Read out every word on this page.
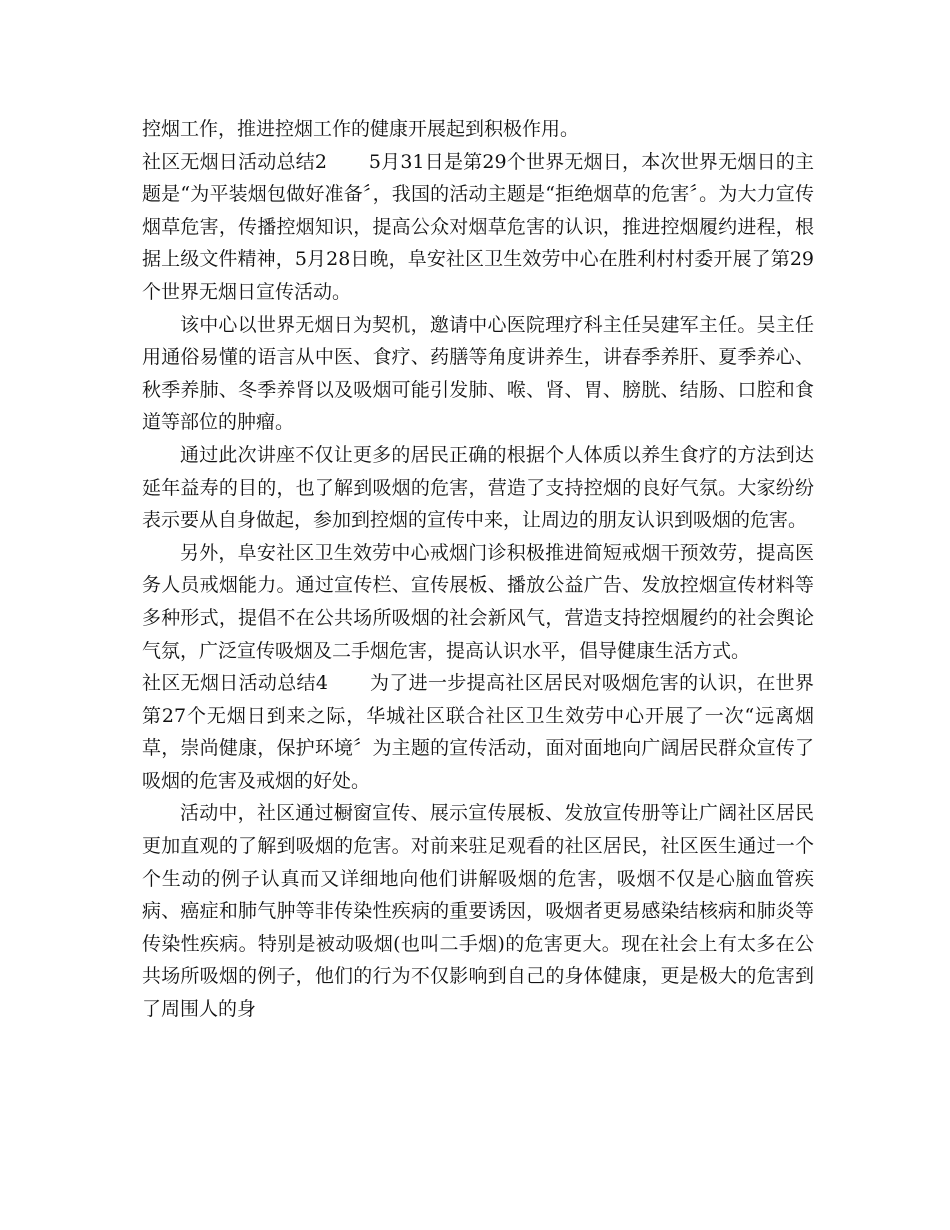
控烟工作，推进控烟工作的健康开展起到积极作用。

社区无烟日活动总结2 5月31日是第29个世界无烟日，本次世界无烟日的主题是“为平装烟包做好准备〞，我国的活动主题是“拒绝烟草的危害〞。为大力宣传烟草危害，传播控烟知识，提高公众对烟草危害的认识，推进控烟履约进程，根据上级文件精神，5月28日晚，阜安社区卫生效劳中心在胜利村村委开展了第29个世界无烟日宣传活动。

该中心以世界无烟日为契机，邀请中心医院理疗科主任吴建军主任。吴主任用通俗易懂的语言从中医、食疗、药膳等角度讲养生，讲春季养肝、夏季养心、秋季养肺、冬季养肾以及吸烟可能引发肺、喉、肾、胃、膀胱、结肠、口腔和食道等部位的肿瘤。

通过此次讲座不仅让更多的居民正确的根据个人体质以养生食疗的方法到达延年益寿的目的，也了解到吸烟的危害，营造了支持控烟的良好气氛。大家纷纷表示要从自身做起，参加到控烟的宣传中来，让周边的朋友认识到吸烟的危害。

另外，阜安社区卫生效劳中心戒烟门诊积极推进简短戒烟干预效劳，提高医务人员戒烟能力。通过宣传栏、宣传展板、播放公益广告、发放控烟宣传材料等多种形式，提倡不在公共场所吸烟的社会新风气，营造支持控烟履约的社会舆论气氛，广泛宣传吸烟及二手烟危害，提高认识水平，倡导健康生活方式。

社区无烟日活动总结4 为了进一步提高社区居民对吸烟危害的认识，在世界第27个无烟日到来之际，华城社区联合社区卫生效劳中心开展了一次“远离烟草，崇尚健康，保护环境〞为主题的宣传活动，面对面地向广阔居民群众宣传了吸烟的危害及戒烟的好处。

活动中，社区通过橱窗宣传、展示宣传展板、发放宣传册等让广阔社区居民更加直观的了解到吸烟的危害。对前来驻足观看的社区居民，社区医生通过一个个生动的例子认真而又详细地向他们讲解吸烟的危害，吸烟不仅是心脑血管疾病、癌症和肺气肿等非传染性疾病的重要诱因，吸烟者更易感染结核病和肺炎等传染性疾病。特别是被动吸烟(也叫二手烟)的危害更大。现在社会上有太多在公共场所吸烟的例子，他们的行为不仅影响到自己的身体健康，更是极大的危害到了周围人的身
